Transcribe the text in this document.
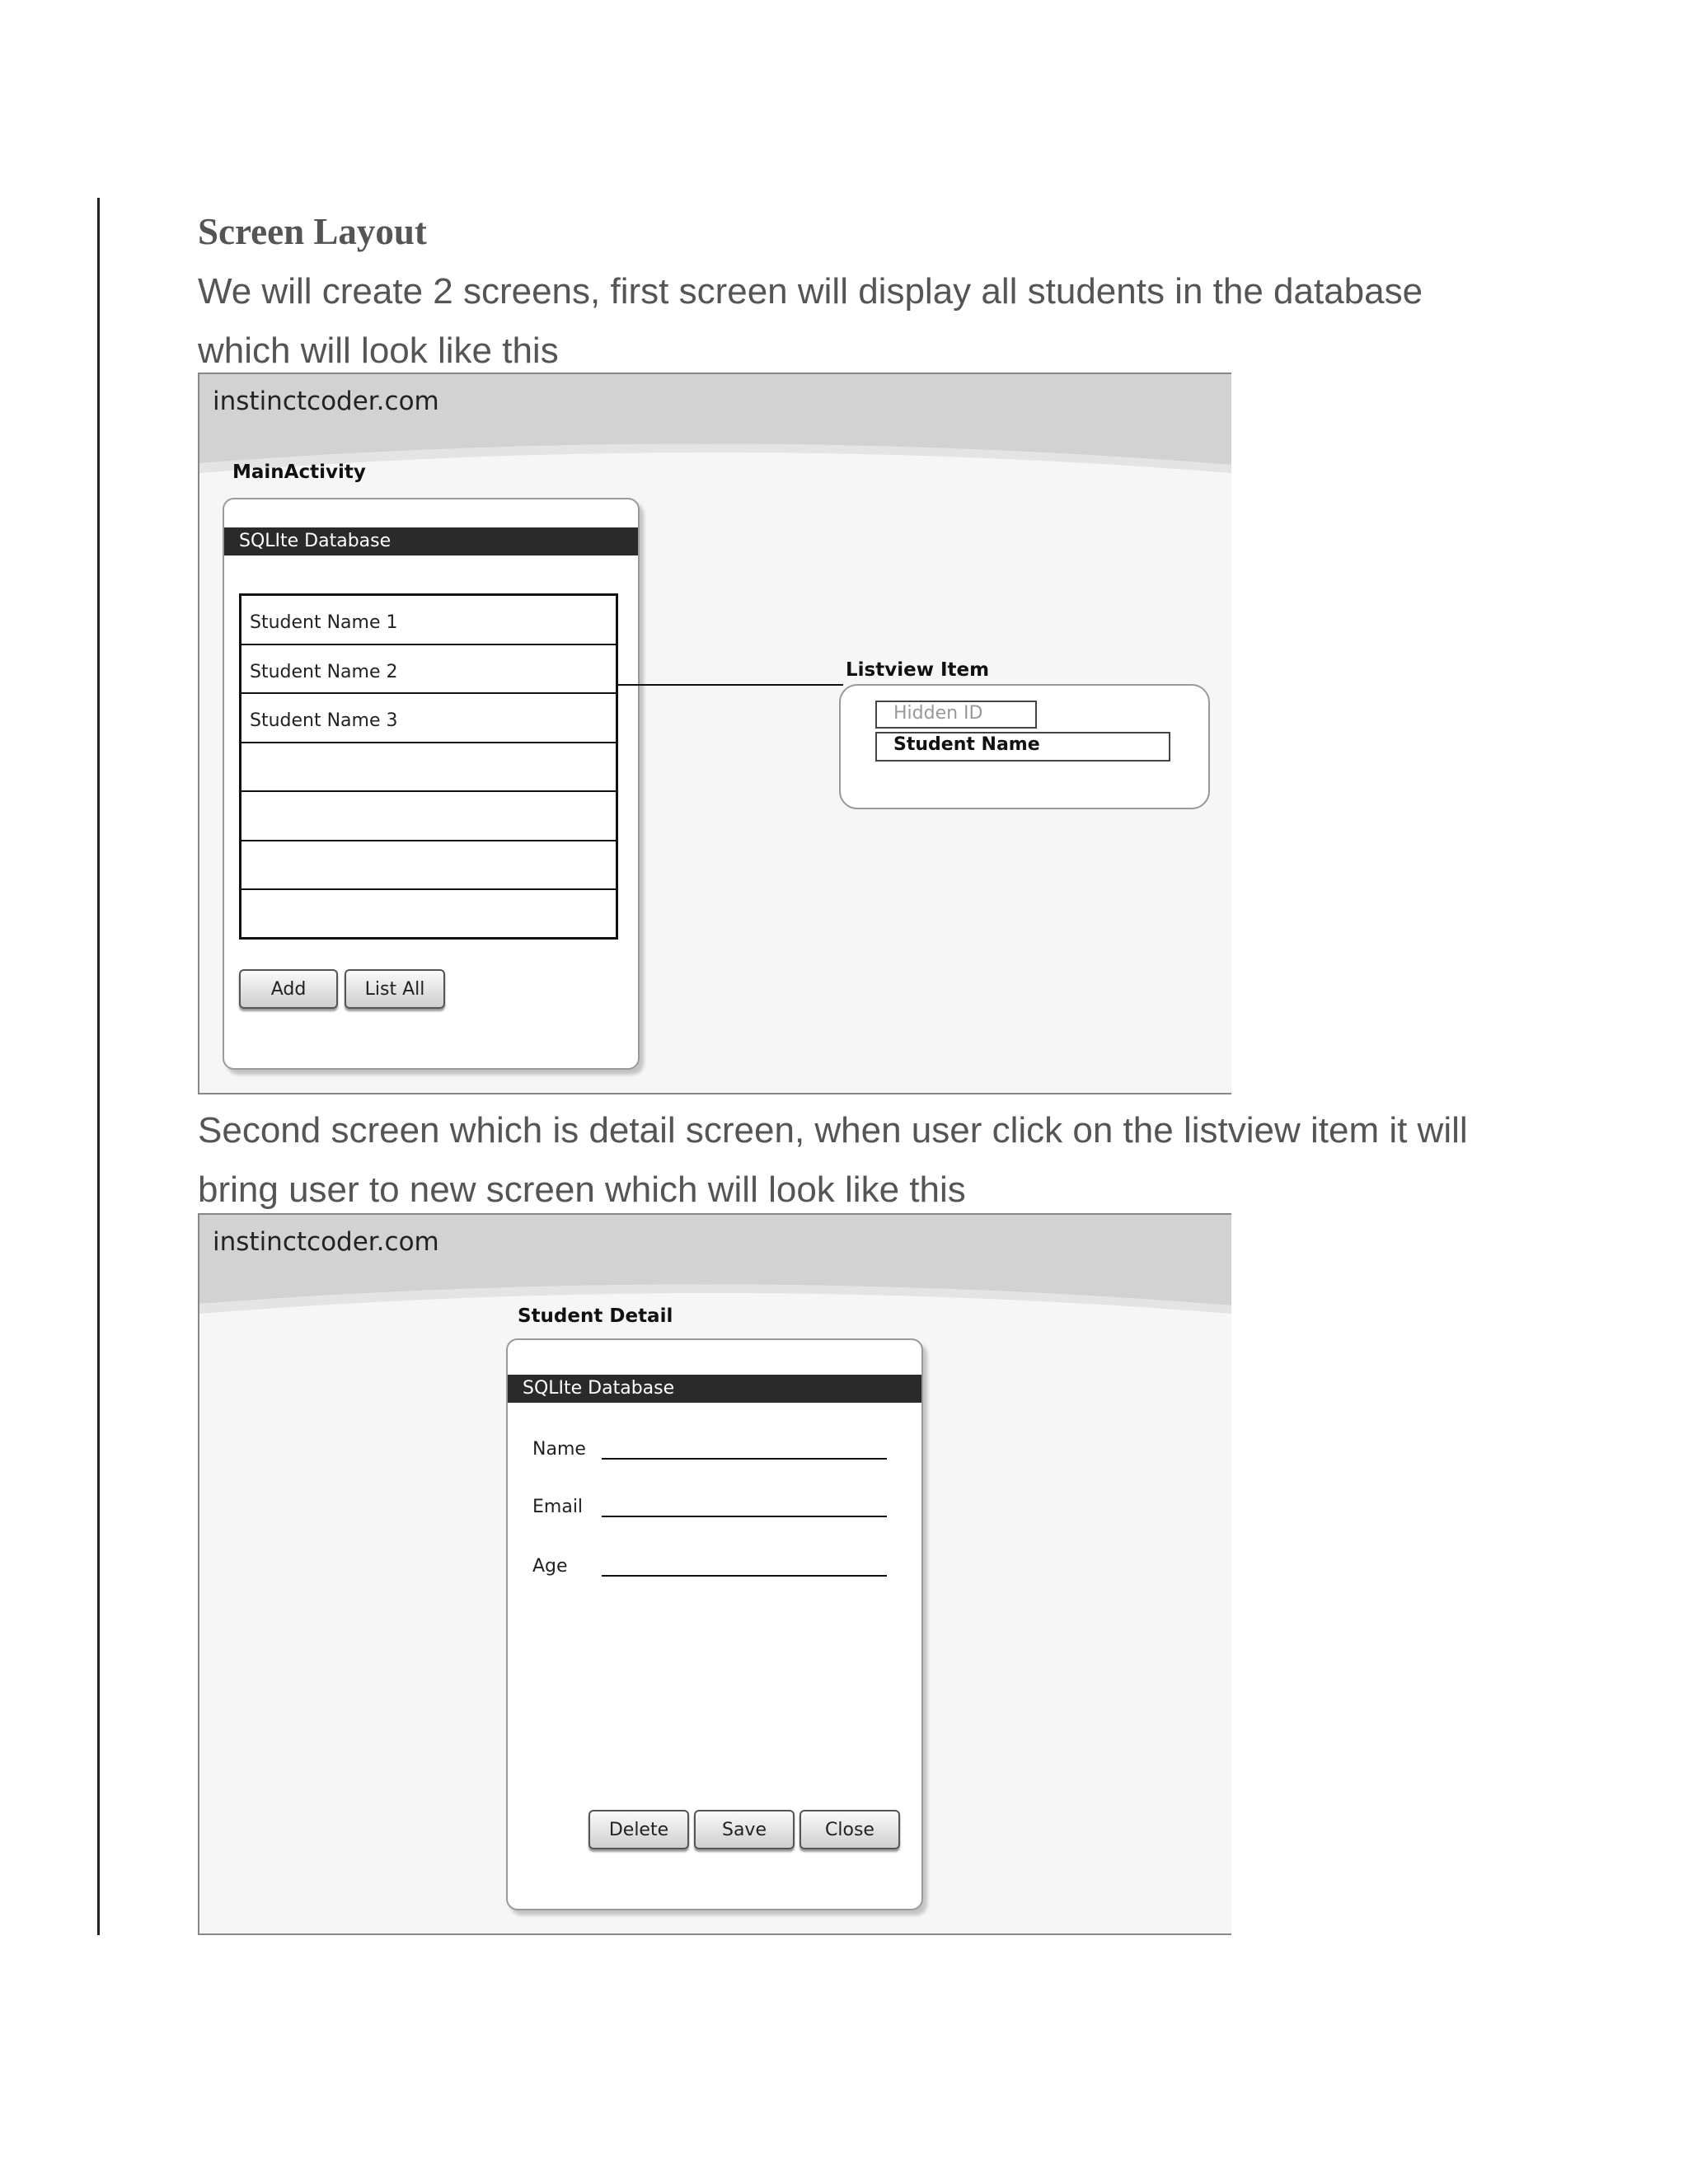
Screen Layout
We will create 2 screens, first screen will display all students in the database which will look like this
instinctcoder.com
MainActivity
SQLIte Database
Student Name 1
Student Name 2
Student Name 3
Add	List All
Listview Item
Hidden ID
Student Name
Second screen which is detail screen, when user click on the listview item it will bring user to new screen which will look like this
instinctcoder.com
Student Detail
SQLIte Database
Name
Email
Age
Delete	Save	Close
